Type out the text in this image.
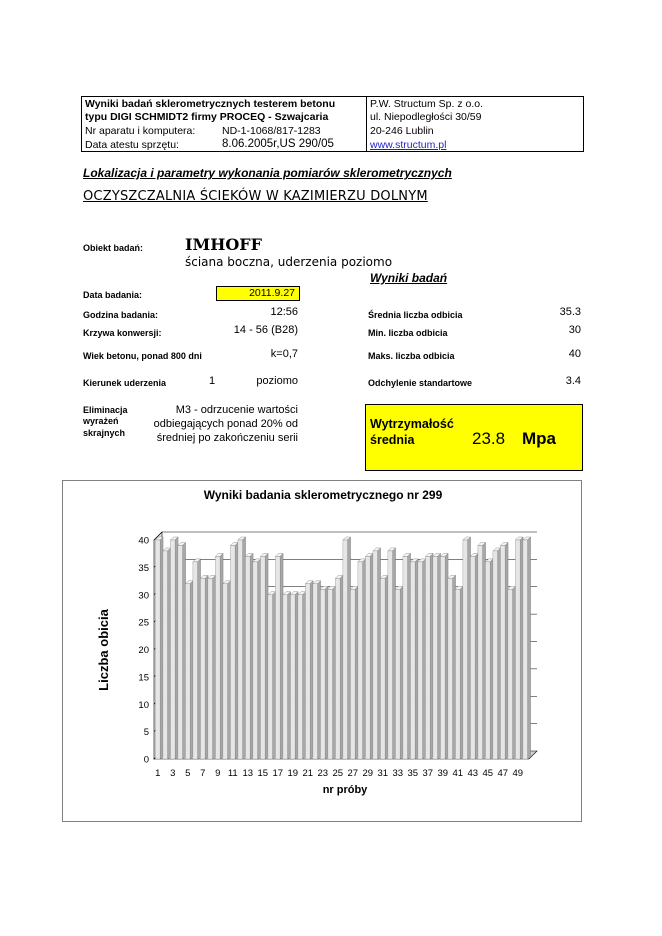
Wyniki badań sklerometrycznych testerem betonu
typu DIGI SCHMIDT2 firmy PROCEQ - Szwajcaria
Nr aparatu i komputera:	ND-1-1068/817-1283
Data atestu sprzętu:	8.06.2005r,US 290/05
P.W. Structum Sp. z o.o.
ul. Niepodległości 30/59
20-246 Lublin
www.structum.pl
Lokalizacja i parametry wykonania pomiarów sklerometrycznych
OCZYSZCZALNIA ŚCIEKÓW W KAZIMIERZU DOLNYM
Obiekt badań:	IMHOFF
ściana boczna, uderzenia poziomo
Wyniki badań
Data badania:	2011.9.27
Godzina badania:	12:56
Krzywa konwersji:	14 - 56 (B28)
Wiek betonu, ponad 800 dni	k=0,7
Kierunek uderzenia	1	poziomo
Eliminacja
wyrażeń
skrajnych
M3 - odrzucenie wartości
odbiegających ponad 20% od
średniej po zakończeniu serii
Średnia liczba odbicia	35.3
Min. liczba odbicia	30
Maks. liczba odbicia	40
Odchylenie standartowe	3.4
Wytrzymałość
średnia	23.8 Mpa
0
5
10
15
20
25
30
35
40
1 3 5 7 9 11 13 15 17 19 21 23 25 27 29 31 33 35 37 39 41 43 45 47 49
Wyniki badania sklerometrycznego nr 299
nr próby
Liczba obicia
